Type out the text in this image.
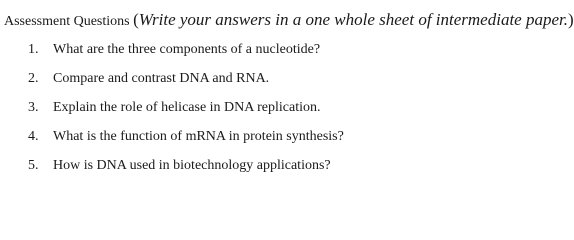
Assessment Questions (Write your answers in a one whole sheet of intermediate paper.)
1. What are the three components of a nucleotide?
2. Compare and contrast DNA and RNA.
3. Explain the role of helicase in DNA replication.
4. What is the function of mRNA in protein synthesis?
5. How is DNA used in biotechnology applications?
